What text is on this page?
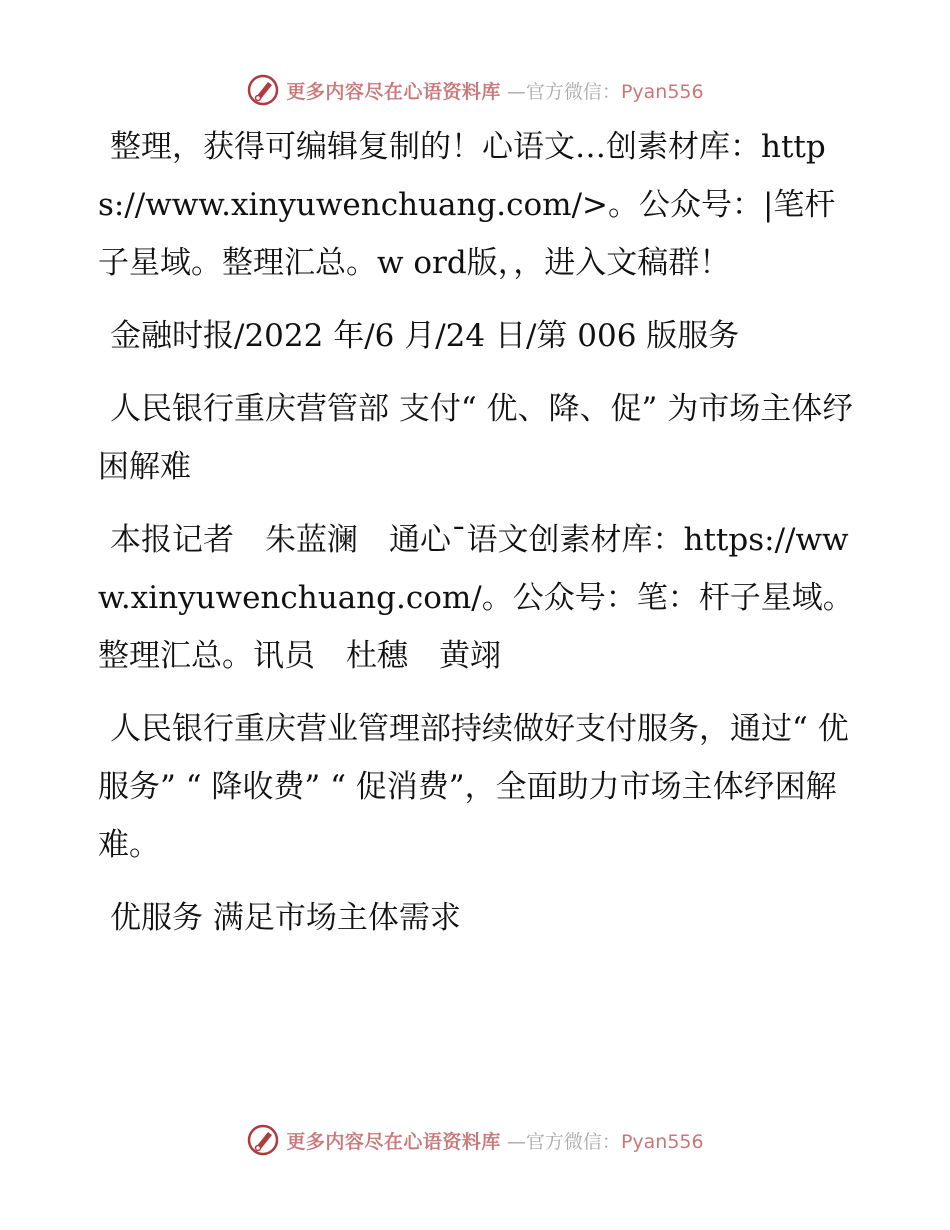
更多内容尽在心语资料库 —官方微信：Pyan556

整理，获得可编辑复制的！心语文…创素材库：https://www.xinyuwenchuang.com/>。公众号：|笔杆子星域。整理汇总。w ord版，，进入文稿群！

金融时报/2022 年/6 月/24 日/第 006 版服务

人民银行重庆营管部 支付“ 优、降、促” 为市场主体纾困解难

本报记者　朱蓝澜　通心¯语文创素材库：https://www.xinyuwenchuang.com/。公众号：笔：杆子星域。整理汇总。讯员　杜穗　黄翊

人民银行重庆营业管理部持续做好支付服务，通过“ 优服务” “ 降收费” “ 促消费”，全面助力市场主体纾困解难。

优服务 满足市场主体需求

更多内容尽在心语资料库 —官方微信：Pyan556
